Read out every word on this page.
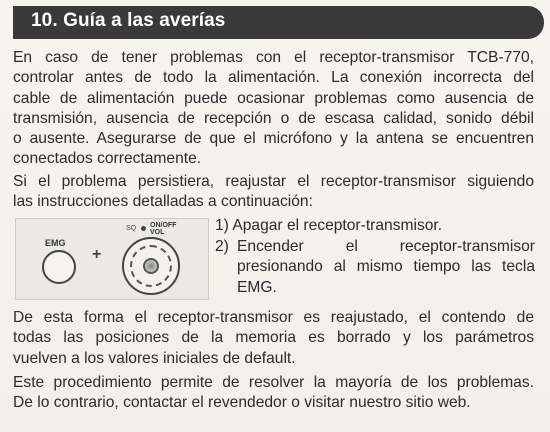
10. Guía a las averías
En caso de tener problemas con el receptor-transmisor TCB-770,
controlar antes de todo la alimentación. La conexión incorrecta del
cable de alimentación puede ocasionar problemas como ausencia de
transmisión, ausencia de recepción o de escasa calidad, sonido débil
o ausente. Asegurarse de que el micrófono y la antena se encuentren
conectados correctamente.
Si el problema persistiera, reajustar el receptor-transmisor siguiendo
las instrucciones detalladas a continuación:
EMG
+
SQ ON/OFF
VOL	1) Apagar el receptor-transmisor.
2) Encender el receptor-transmisor
presionando al mismo tiempo las tecla
EMG.
De esta forma el receptor-transmisor es reajustado, el contendo de
todas las posiciones de la memoria es borrado y los parámetros
vuelven a los valores iniciales de default.
Este procedimiento permite de resolver la mayoría de los problemas.
De lo contrario, contactar el revendedor o visitar nuestro sitio web.
